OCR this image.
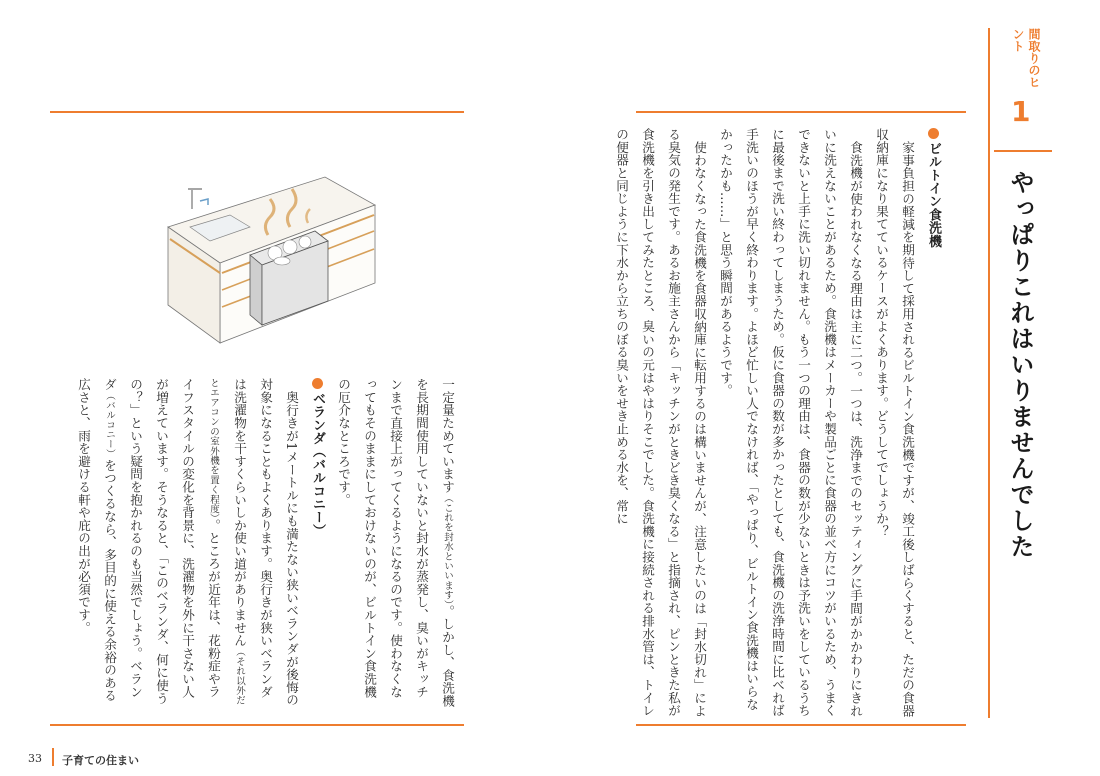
間取りのヒント
1
やっぱりこれはいりませんでした
ビルトイン食洗機
家事負担の軽減を期待して採用されるビルトイン食洗機ですが、竣工後しばらくすると、ただの食器収納庫になり果てているケースがよくあります。どうしてでしょうか？
食洗機が使われなくなる理由は主に二つ。一つは、洗浄までのセッティングに手間がかかわりにきれいに洗えないことがあるため。食洗機はメーカーや製品ごとに食器の並べ方にコツがいるため、うまくできないと上手に洗い切れません。もう一つの理由は、食器の数が少ないときは予洗いをしているうちに最後まで洗い終わってしまうため。仮に食器の数が多かったとしても、食洗機の洗浄時間に比べれば手洗いのほうが早く終わります。よほど忙しい人でなければ、「やっぱり、ビルトイン食洗機はいらなかったかも……」と思う瞬間があるようです。
使わなくなった食洗機を食器収納庫に転用するのは構いませんが、注意したいのは「封水切れ」による臭気の発生です。あるお施主さんから「キッチンがときどき臭くなる」と指摘され、ピンときた私が食洗機を引き出してみたところ、臭いの元はやはりそこでした。食洗機に接続される排水管は、トイレの便器と同じように下水から立ちのぼる臭いをせき止める水を、常に
一定量ためています（これを封水といいます）。しかし、食洗機を長期間使用していないと封水が蒸発し、臭いがキッチンまで直接上がってくるようになるのです。使わなくなってもそのままにしておけないのが、ビルトイン食洗機の厄介なところです。
ベランダ（バルコニー）
奥行きが1メートルにも満たない狭いベランダが後悔の対象になることもよくあります。奥行きが狭いベランダは洗濯物を干すくらいしか使い道がありません（それ以外だとエアコンの室外機を置く程度）。ところが近年は、花粉症やライフスタイルの変化を背景に、洗濯物を外に干さない人が増えています。そうなると、「このベランダ、何に使うの？」という疑問を抱かれるのも当然でしょう。ベランダ（バルコニー）をつくるなら、多目的に使える余裕のある広さと、雨を避ける軒や庇の出が必須です。
33 子育ての住まい
